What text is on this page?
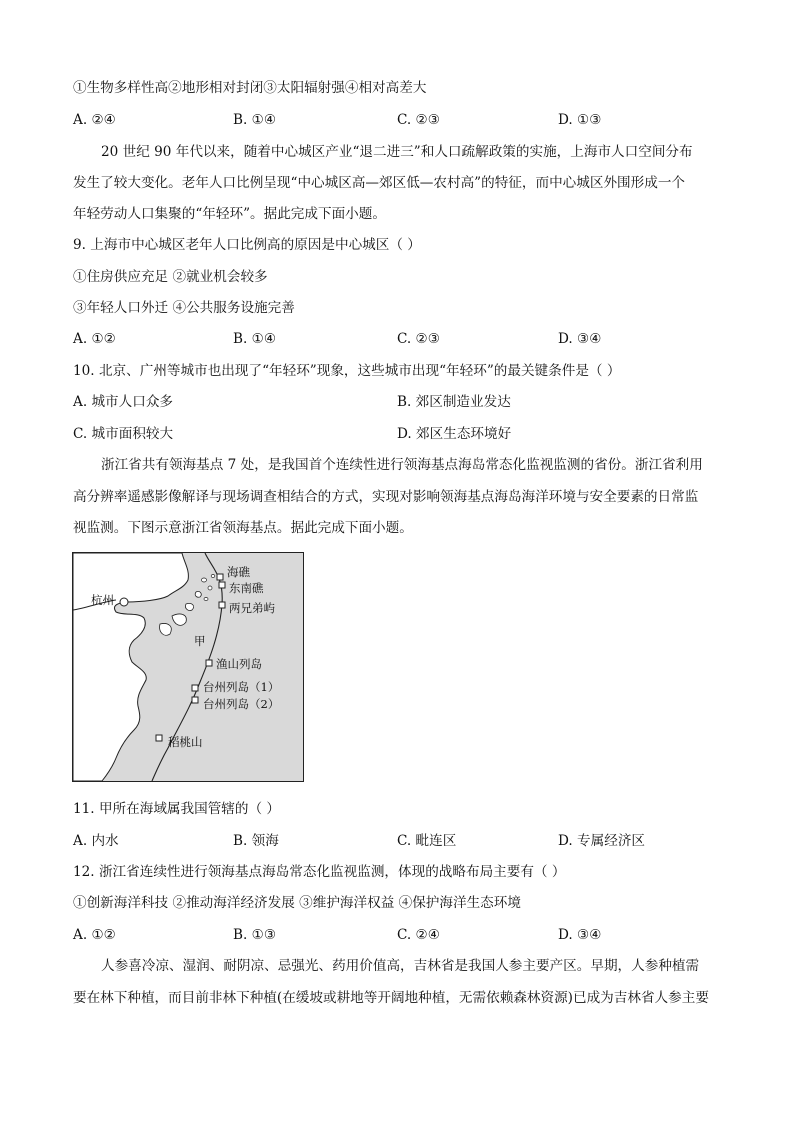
①生物多样性高②地形相对封闭③太阳辐射强④相对高差大
A. ②④	B. ①④	C. ②③	D. ①③
20 世纪 90 年代以来，随着中心城区产业“退二进三”和人口疏解政策的实施，上海市人口空间分布
发生了较大变化。老年人口比例呈现“中心城区高—郊区低—农村高”的特征，而中心城区外围形成一个
年轻劳动人口集聚的“年轻环”。据此完成下面小题。
9. 上海市中心城区老年人口比例高的原因是中心城区（ ）
①住房供应充足 ②就业机会较多
③年轻人口外迁 ④公共服务设施完善
A. ①②	B. ①④	C. ②③	D. ③④
10. 北京、广州等城市也出现了“年轻环”现象，这些城市出现“年轻环”的最关键条件是（ ）
A. 城市人口众多	B. 郊区制造业发达
C. 城市面积较大	D. 郊区生态环境好
浙江省共有领海基点 7 处，是我国首个连续性进行领海基点海岛常态化监视监测的省份。浙江省利用
高分辨率遥感影像解译与现场调查相结合的方式，实现对影响领海基点海岛海洋环境与安全要素的日常监
视监测。下图示意浙江省领海基点。据此完成下面小题。
杭州
甲
海礁
东南礁
两兄弟屿
渔山列岛
台州列岛（1）
台州列岛（2）
稻桃山
11. 甲所在海域属我国管辖的（ ）
A. 内水	B. 领海	C. 毗连区	D. 专属经济区
12. 浙江省连续性进行领海基点海岛常态化监视监测，体现的战略布局主要有（ ）
①创新海洋科技 ②推动海洋经济发展 ③维护海洋权益 ④保护海洋生态环境
A. ①②	B. ①③	C. ②④	D. ③④
人参喜冷凉、湿润、耐阴凉、忌强光、药用价值高，吉林省是我国人参主要产区。早期，人参种植需
要在林下种植，而目前非林下种植(在缓坡或耕地等开阔地种植，无需依赖森林资源)已成为吉林省人参主要
